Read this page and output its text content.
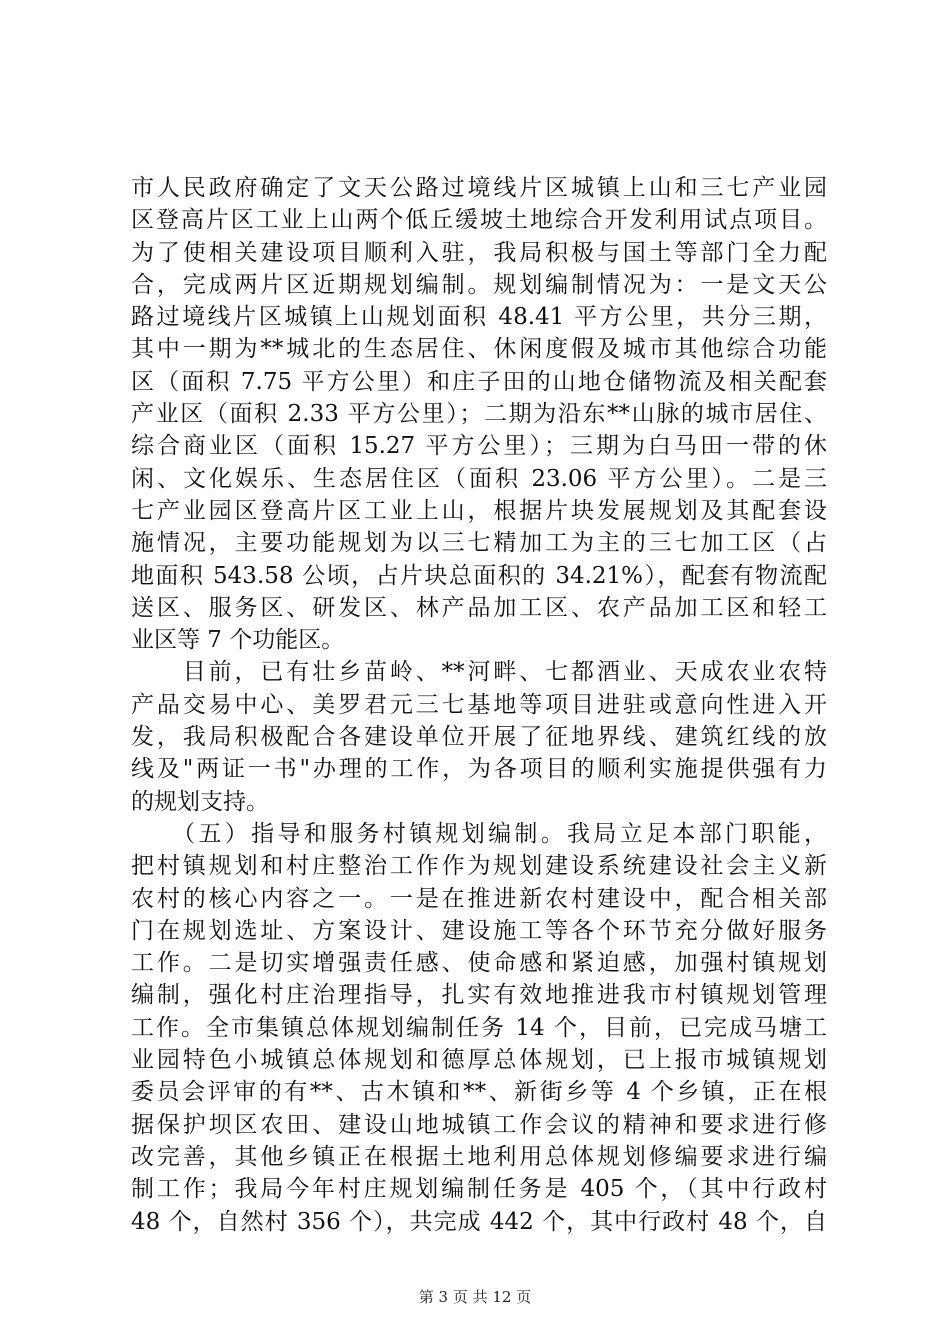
市人民政府确定了文天公路过境线片区城镇上山和三七产业园
区登高片区工业上山两个低丘缓坡土地综合开发利用试点项目。
为了使相关建设项目顺利入驻，我局积极与国土等部门全力配
合，完成两片区近期规划编制。规划编制情况为：一是文天公
路过境线片区城镇上山规划面积 48.41 平方公里，共分三期，
其中一期为**城北的生态居住、休闲度假及城市其他综合功能
区（面积 7.75 平方公里）和庄子田的山地仓储物流及相关配套
产业区（面积 2.33 平方公里）；二期为沿东**山脉的城市居住、
综合商业区（面积 15.27 平方公里）；三期为白马田一带的休
闲、文化娱乐、生态居住区（面积 23.06 平方公里）。二是三
七产业园区登高片区工业上山，根据片块发展规划及其配套设
施情况，主要功能规划为以三七精加工为主的三七加工区（占
地面积 543.58 公顷，占片块总面积的 34.21%），配套有物流配
送区、服务区、研发区、林产品加工区、农产品加工区和轻工
业区等 7 个功能区。
　　目前，已有壮乡苗岭、**河畔、七都酒业、天成农业农特
产品交易中心、美罗君元三七基地等项目进驻或意向性进入开
发，我局积极配合各建设单位开展了征地界线、建筑红线的放
线及"两证一书"办理的工作，为各项目的顺利实施提供强有力
的规划支持。
　　（五）指导和服务村镇规划编制。我局立足本部门职能，
把村镇规划和村庄整治工作作为规划建设系统建设社会主义新
农村的核心内容之一。一是在推进新农村建设中，配合相关部
门在规划选址、方案设计、建设施工等各个环节充分做好服务
工作。二是切实增强责任感、使命感和紧迫感，加强村镇规划
编制，强化村庄治理指导，扎实有效地推进我市村镇规划管理
工作。全市集镇总体规划编制任务 14 个，目前，已完成马塘工
业园特色小城镇总体规划和德厚总体规划，已上报市城镇规划
委员会评审的有**、古木镇和**、新街乡等 4 个乡镇，正在根
据保护坝区农田、建设山地城镇工作会议的精神和要求进行修
改完善，其他乡镇正在根据土地利用总体规划修编要求进行编
制工作；我局今年村庄规划编制任务是 405 个，（其中行政村
48 个，自然村 356 个），共完成 442 个，其中行政村 48 个，自
第 3 页 共 12 页
